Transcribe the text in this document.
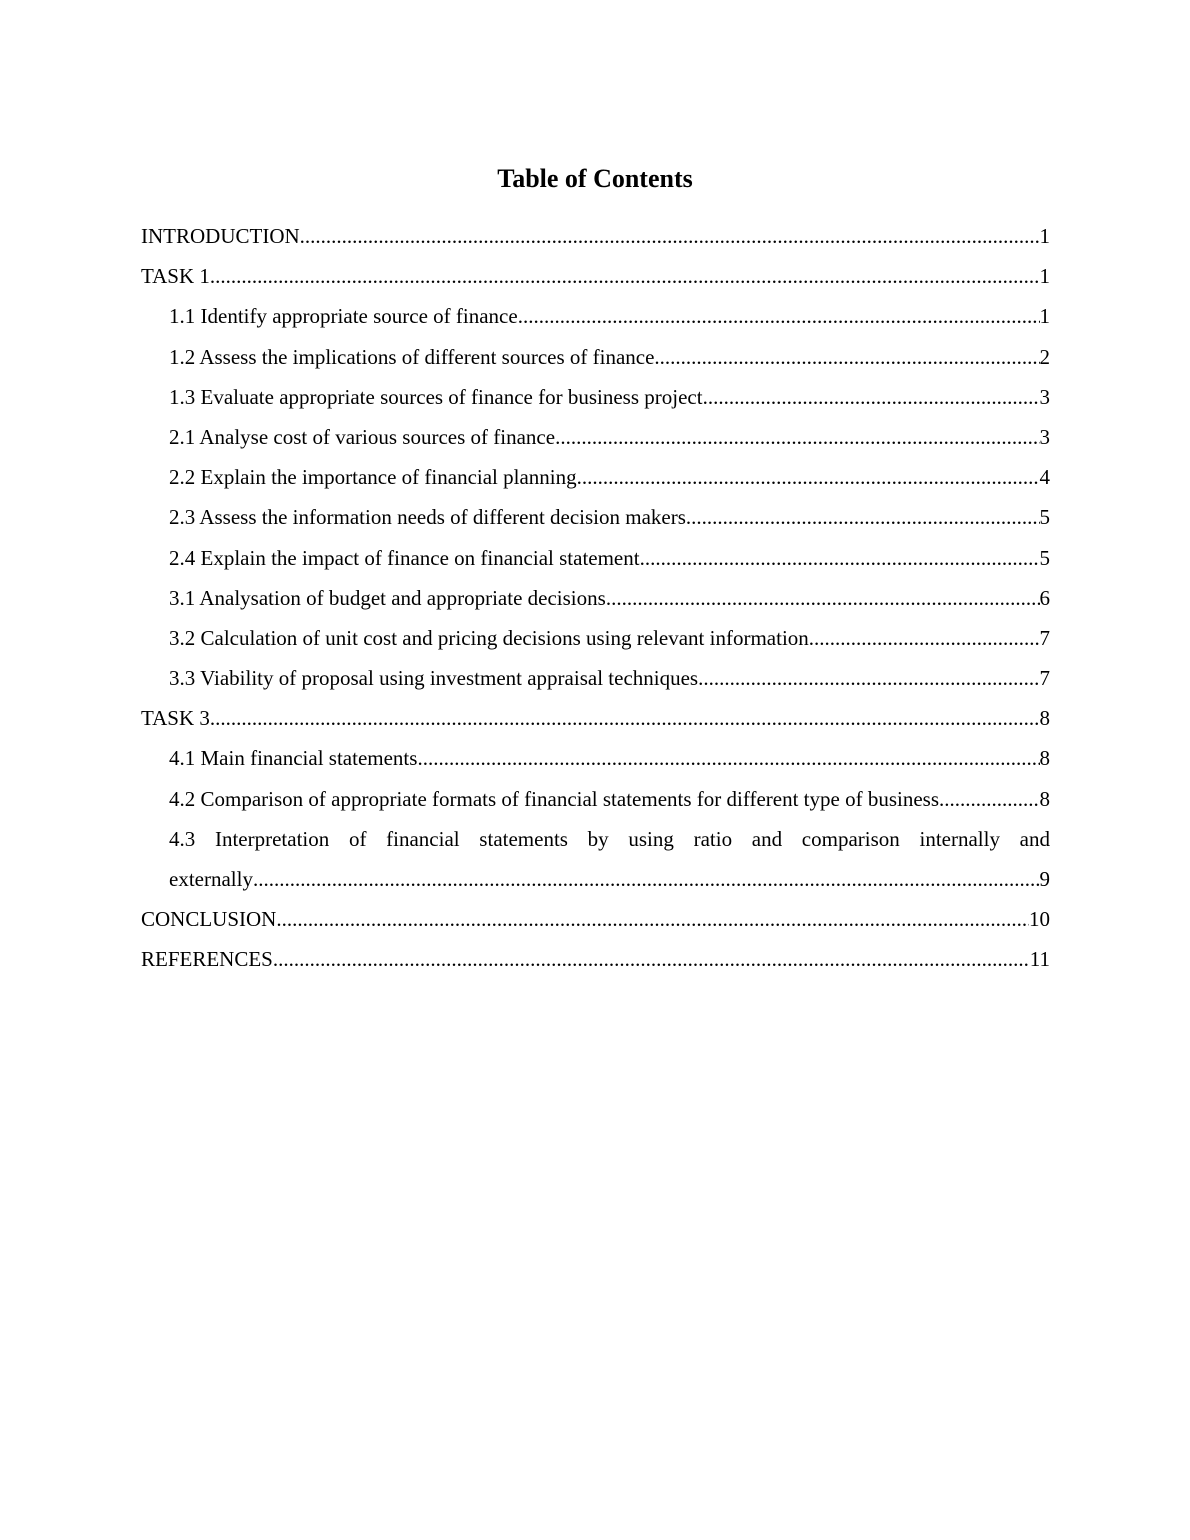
Table of Contents
INTRODUCTION .....	1
TASK 1 .....	1
1.1 Identify appropriate source of finance .....	1
1.2 Assess the implications of different sources of finance .....	2
1.3 Evaluate appropriate sources of finance for business project .....	3
2.1 Analyse cost of various sources of finance .....	3
2.2 Explain the importance of financial planning .....	4
2.3 Assess the information needs of different decision makers .....	5
2.4 Explain the impact of finance on financial statement .....	5
3.1 Analysation of budget and appropriate decisions .....	6
3.2 Calculation of unit cost and pricing decisions using relevant information .....	7
3.3 Viability of proposal using investment appraisal techniques .....	7
TASK 3 .....	8
4.1 Main financial statements .....	8
4.2 Comparison of appropriate formats of financial statements for different type of business. .....	8
4.3 Interpretation of financial statements by using ratio and comparison internally and
externally .....	9
CONCLUSION .....	10
REFERENCES .....	11
